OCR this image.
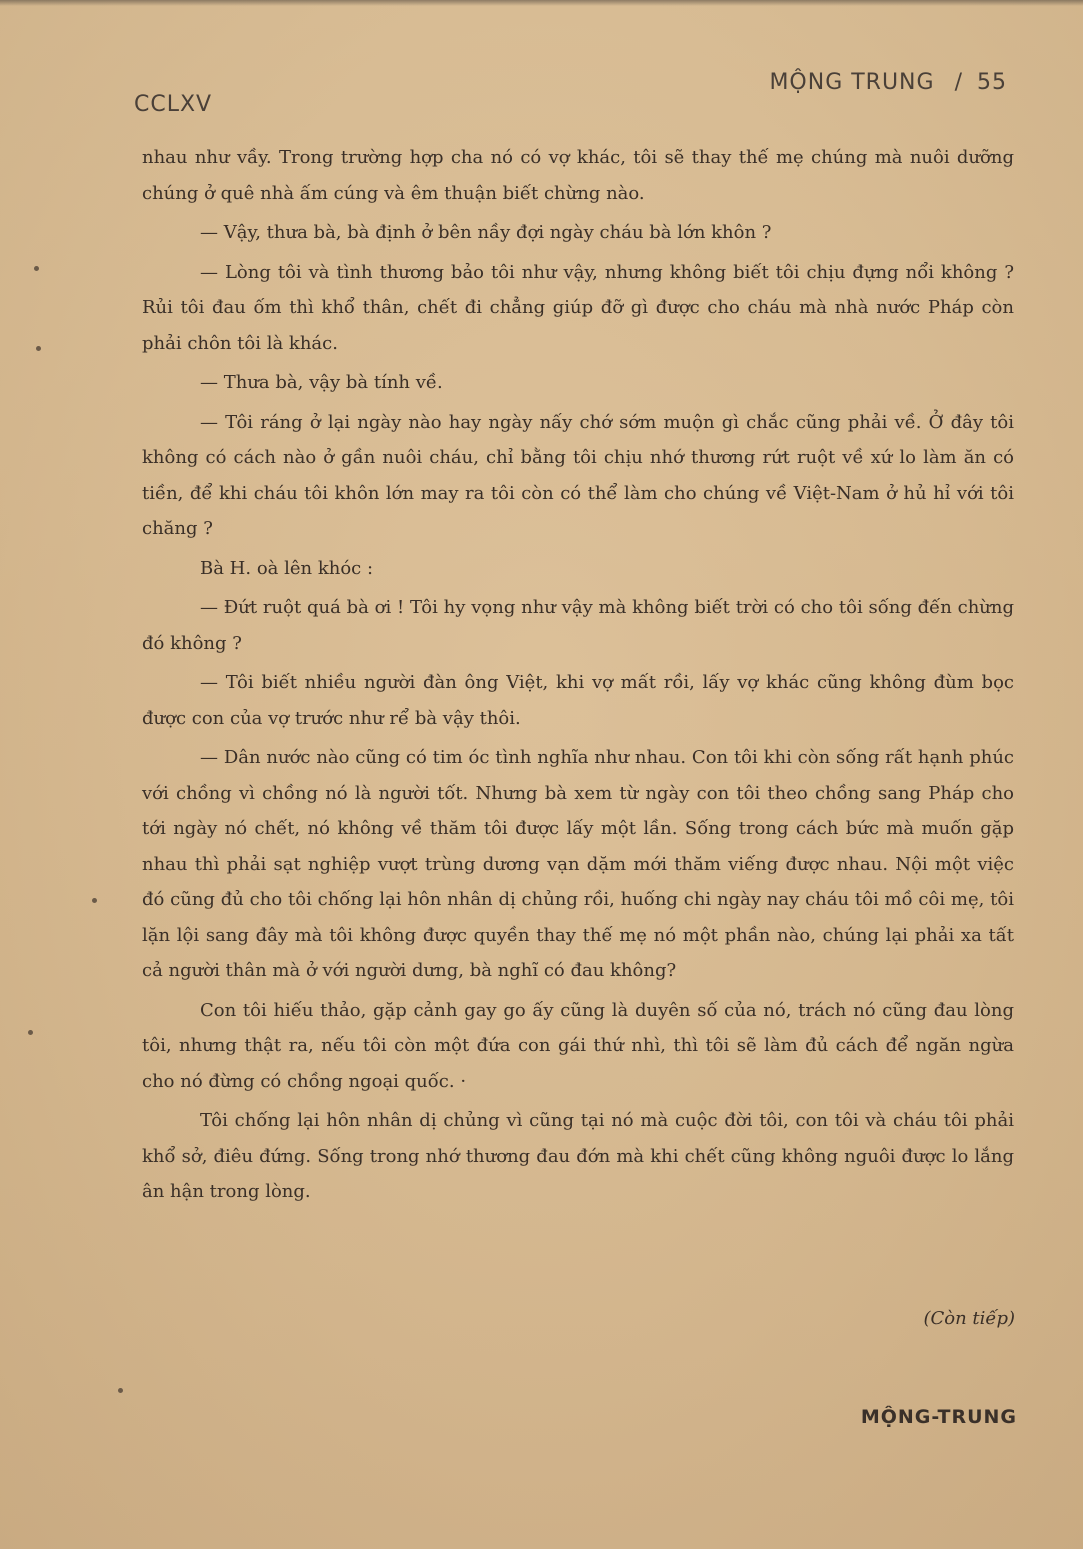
CCLXV
MỘNG TRUNG / 55

nhau như vầy. Trong trường hợp cha nó có vợ khác, tôi sẽ thay thế mẹ chúng mà nuôi dưỡng chúng ở quê nhà ấm cúng và êm thuận biết chừng nào.

— Vậy, thưa bà, bà định ở bên nầy đợi ngày cháu bà lớn khôn ?

— Lòng tôi và tình thương bảo tôi như vậy, nhưng không biết tôi chịu đựng nổi không ? Rủi tôi đau ốm thì khổ thân, chết đi chẳng giúp đỡ gì được cho cháu mà nhà nước Pháp còn phải chôn tôi là khác.

— Thưa bà, vậy bà tính về.

— Tôi ráng ở lại ngày nào hay ngày nấy chớ sớm muộn gì chắc cũng phải về. Ở đây tôi không có cách nào ở gần nuôi cháu, chỉ bằng tôi chịu nhớ thương rứt ruột về xứ lo làm ăn có tiền, để khi cháu tôi khôn lớn may ra tôi còn có thể làm cho chúng về Việt-Nam ở hủ hỉ với tôi chăng ?

Bà H. oà lên khóc :

— Đứt ruột quá bà ơi ! Tôi hy vọng như vậy mà không biết trời có cho tôi sống đến chừng đó không ?

— Tôi biết nhiều người đàn ông Việt, khi vợ mất rồi, lấy vợ khác cũng không đùm bọc được con của vợ trước như rể bà vậy thôi.

— Dân nước nào cũng có tim óc tình nghĩa như nhau. Con tôi khi còn sống rất hạnh phúc với chồng vì chồng nó là người tốt. Nhưng bà xem từ ngày con tôi theo chồng sang Pháp cho tới ngày nó chết, nó không về thăm tôi được lấy một lần. Sống trong cách bức mà muốn gặp nhau thì phải sạt nghiệp vượt trùng dương vạn dặm mới thăm viếng được nhau. Nội một việc đó cũng đủ cho tôi chống lại hôn nhân dị chủng rồi, huống chi ngày nay cháu tôi mồ côi mẹ, tôi lặn lội sang đây mà tôi không được quyền thay thế mẹ nó một phần nào, chúng lại phải xa tất cả người thân mà ở với người dưng, bà nghĩ có đau không?

Con tôi hiếu thảo, gặp cảnh gay go ấy cũng là duyên số của nó, trách nó cũng đau lòng tôi, nhưng thật ra, nếu tôi còn một đứa con gái thứ nhì, thì tôi sẽ làm đủ cách để ngăn ngừa cho nó đừng có chồng ngoại quốc. ·

Tôi chống lại hôn nhân dị chủng vì cũng tại nó mà cuộc đời tôi, con tôi và cháu tôi phải khổ sở, điêu đứng. Sống trong nhớ thương đau đớn mà khi chết cũng không nguôi được lo lắng ân hận trong lòng.

(Còn tiếp)
MỘNG-TRUNG
